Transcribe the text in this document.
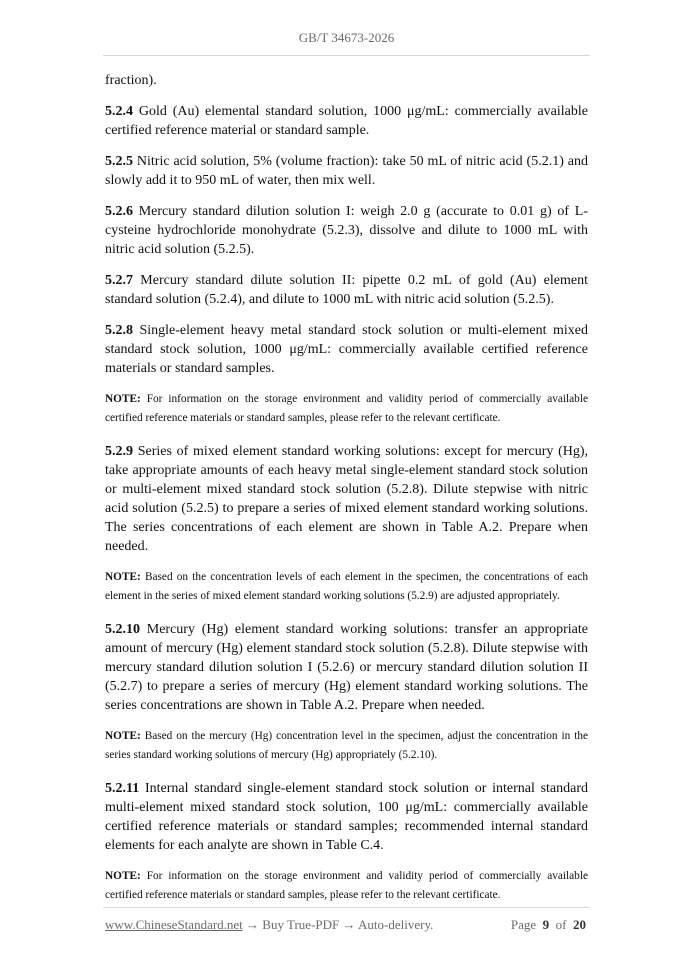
GB/T 34673-2026

fraction).

5.2.4 Gold (Au) elemental standard solution, 1000 μg/mL: commercially available certified reference material or standard sample.

5.2.5 Nitric acid solution, 5% (volume fraction): take 50 mL of nitric acid (5.2.1) and slowly add it to 950 mL of water, then mix well.

5.2.6 Mercury standard dilution solution I: weigh 2.0 g (accurate to 0.01 g) of L-cysteine hydrochloride monohydrate (5.2.3), dissolve and dilute to 1000 mL with nitric acid solution (5.2.5).

5.2.7 Mercury standard dilute solution II: pipette 0.2 mL of gold (Au) element standard solution (5.2.4), and dilute to 1000 mL with nitric acid solution (5.2.5).

5.2.8 Single-element heavy metal standard stock solution or multi-element mixed standard stock solution, 1000 μg/mL: commercially available certified reference materials or standard samples.

NOTE: For information on the storage environment and validity period of commercially available certified reference materials or standard samples, please refer to the relevant certificate.

5.2.9 Series of mixed element standard working solutions: except for mercury (Hg), take appropriate amounts of each heavy metal single-element standard stock solution or multi-element mixed standard stock solution (5.2.8). Dilute stepwise with nitric acid solution (5.2.5) to prepare a series of mixed element standard working solutions. The series concentrations of each element are shown in Table A.2. Prepare when needed.

NOTE: Based on the concentration levels of each element in the specimen, the concentrations of each element in the series of mixed element standard working solutions (5.2.9) are adjusted appropriately.

5.2.10 Mercury (Hg) element standard working solutions: transfer an appropriate amount of mercury (Hg) element standard stock solution (5.2.8). Dilute stepwise with mercury standard dilution solution I (5.2.6) or mercury standard dilution solution II (5.2.7) to prepare a series of mercury (Hg) element standard working solutions. The series concentrations are shown in Table A.2. Prepare when needed.

NOTE: Based on the mercury (Hg) concentration level in the specimen, adjust the concentration in the series standard working solutions of mercury (Hg) appropriately (5.2.10).

5.2.11 Internal standard single-element standard stock solution or internal standard multi-element mixed standard stock solution, 100 μg/mL: commercially available certified reference materials or standard samples; recommended internal standard elements for each analyte are shown in Table C.4.

NOTE: For information on the storage environment and validity period of commercially available certified reference materials or standard samples, please refer to the relevant certificate.

www.ChineseStandard.net → Buy True-PDF → Auto-delivery.	Page 9 of 20
